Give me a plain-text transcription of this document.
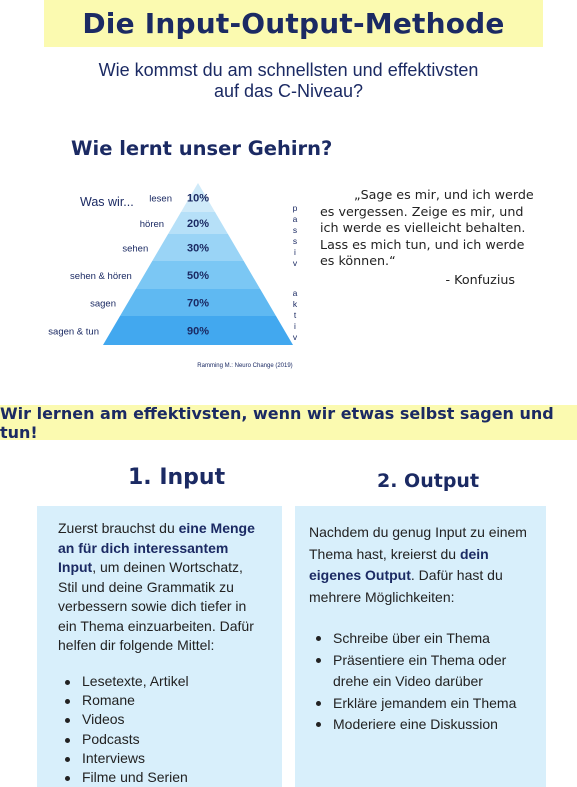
Die Input-Output-Methode
Wie kommst du am schnellsten und effektivsten
auf das C-Niveau?
Wie lernt unser Gehirn?
10%
lesen
20%
hören
30%
sehen
50%
sehen & hören
70%
sagen
90%
sagen & tun
Was wir...	p
a
s
s
i
v
a
k
t
i
v
Ramming M.: Neuro Change (2019)
„Sage es mir, und ich werde
es vergessen. Zeige es mir, und
ich werde es vielleicht behalten.
Lass es mich tun, und ich werde
es können.“
- Konfuzius
Wir lernen am effektivsten, wenn wir etwas selbst sagen und tun!
1. Input	2. Output

Zuerst brauchst du eine Menge an für dich interessantem Input, um deinen Wortschatz, Stil und deine Grammatik zu verbessern sowie dich tiefer in ein Thema einzuarbeiten. Dafür helfen dir folgende Mittel:

Lesetexte, Artikel
Romane
Videos
Podcasts
Interviews
Filme und Serien

Nachdem du genug Input zu einem Thema hast, kreierst du dein eigenes Output. Dafür hast du mehrere Möglichkeiten:

Schreibe über ein Thema
Präsentiere ein Thema oder drehe ein Video darüber
Erkläre jemandem ein Thema
Moderiere eine Diskussion
